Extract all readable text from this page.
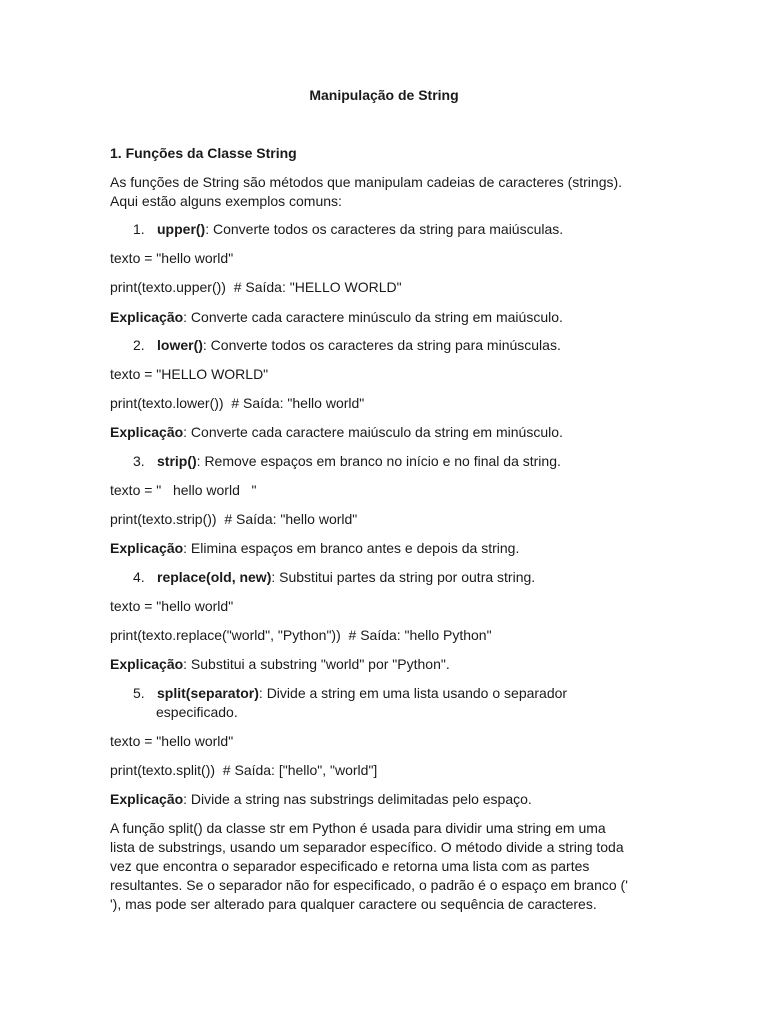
Manipulação de String
1. Funções da Classe String
As funções de String são métodos que manipulam cadeias de caracteres (strings).
Aqui estão alguns exemplos comuns:
1. upper(): Converte todos os caracteres da string para maiúsculas.
texto = "hello world"
print(texto.upper())  # Saída: "HELLO WORLD"
Explicação: Converte cada caractere minúsculo da string em maiúsculo.
2. lower(): Converte todos os caracteres da string para minúsculas.
texto = "HELLO WORLD"
print(texto.lower())  # Saída: "hello world"
Explicação: Converte cada caractere maiúsculo da string em minúsculo.
3. strip(): Remove espaços em branco no início e no final da string.
texto = "   hello world   "
print(texto.strip())  # Saída: "hello world"
Explicação: Elimina espaços em branco antes e depois da string.
4. replace(old, new): Substitui partes da string por outra string.
texto = "hello world"
print(texto.replace("world", "Python"))  # Saída: "hello Python"
Explicação: Substitui a substring "world" por "Python".
5. split(separator): Divide a string em uma lista usando o separador
especificado.
texto = "hello world"
print(texto.split())  # Saída: ["hello", "world"]
Explicação: Divide a string nas substrings delimitadas pelo espaço.
A função split() da classe str em Python é usada para dividir uma string em uma
lista de substrings, usando um separador específico. O método divide a string toda
vez que encontra o separador especificado e retorna uma lista com as partes
resultantes. Se o separador não for especificado, o padrão é o espaço em branco ('
'), mas pode ser alterado para qualquer caractere ou sequência de caracteres.
